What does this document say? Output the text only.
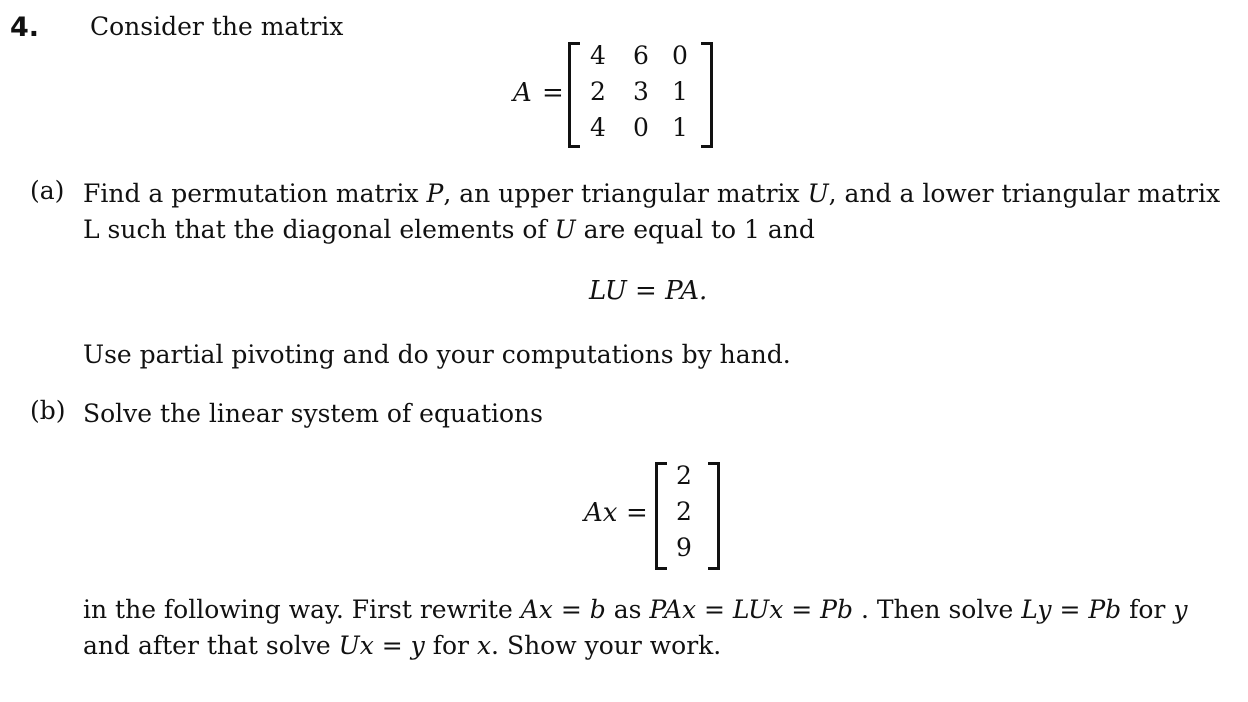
4. Consider the matrix
A =
4 6 0
2 3 1
4 0 1
(a) Find a permutation matrix P, an upper triangular matrix U, and a lower triangular matrix
L such that the diagonal elements of U are equal to 1 and
LU = PA.
Use partial pivoting and do your computations by hand.
(b) Solve the linear system of equations
Ax =
2
2
9
in the following way. First rewrite Ax = b as PAx = LUx = Pb . Then solve Ly = Pb for y
and after that solve Ux = y for x. Show your work.
